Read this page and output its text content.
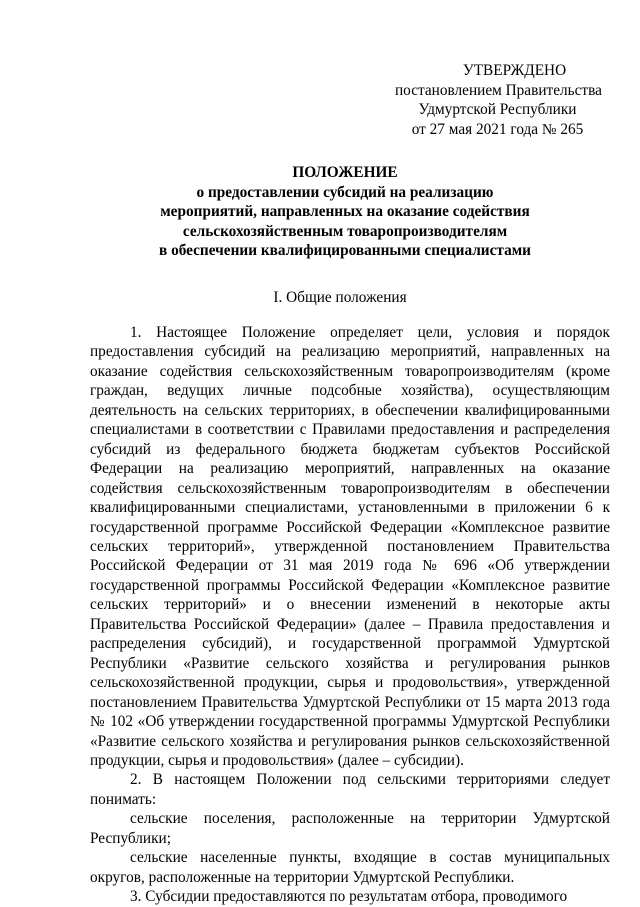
УТВЕРЖДЕНО
постановлением Правительства
Удмуртской Республики
от 27 мая 2021 года № 265
ПОЛОЖЕНИЕ
о предоставлении субсидий на реализацию
мероприятий, направленных на оказание содействия
сельскохозяйственным товаропроизводителям
в обеспечении квалифицированными специалистами
I. Общие положения

1. Настоящее Положение определяет цели, условия и порядок предоставления субсидий на реализацию мероприятий, направленных на оказание содействия сельскохозяйственным товаропроизводителям (кроме граждан, ведущих личные подсобные хозяйства), осуществляющим деятельность на сельских территориях, в обеспечении квалифицированными специалистами в соответствии с Правилами предоставления и распределения субсидий из федерального бюджета бюджетам субъектов Российской Федерации на реализацию мероприятий, направленных на оказание содействия сельскохозяйственным товаропроизводителям в обеспечении квалифицированными специалистами, установленными в приложении 6 к государственной программе Российской Федерации «Комплексное развитие сельских территорий», утвержденной постановлением Правительства Российской Федерации от 31 мая 2019 года № 696 «Об утверждении государственной программы Российской Федерации «Комплексное развитие сельских территорий» и о внесении изменений в некоторые акты Правительства Российской Федерации» (далее – Правила предоставления и распределения субсидий), и государственной программой Удмуртской Республики «Развитие сельского хозяйства и регулирования рынков сельскохозяйственной продукции, сырья и продовольствия», утвержденной постановлением Правительства Удмуртской Республики от 15 марта 2013 года № 102 «Об утверждении государственной программы Удмуртской Республики «Развитие сельского хозяйства и регулирования рынков сельскохозяйственной продукции, сырья и продовольствия» (далее – субсидии).

2. В настоящем Положении под сельскими территориями следует понимать:

сельские поселения, расположенные на территории Удмуртской Республики;

сельские населенные пункты, входящие в состав муниципальных округов, расположенные на территории Удмуртской Республики.

3. Субсидии предоставляются по результатам отбора, проводимого
